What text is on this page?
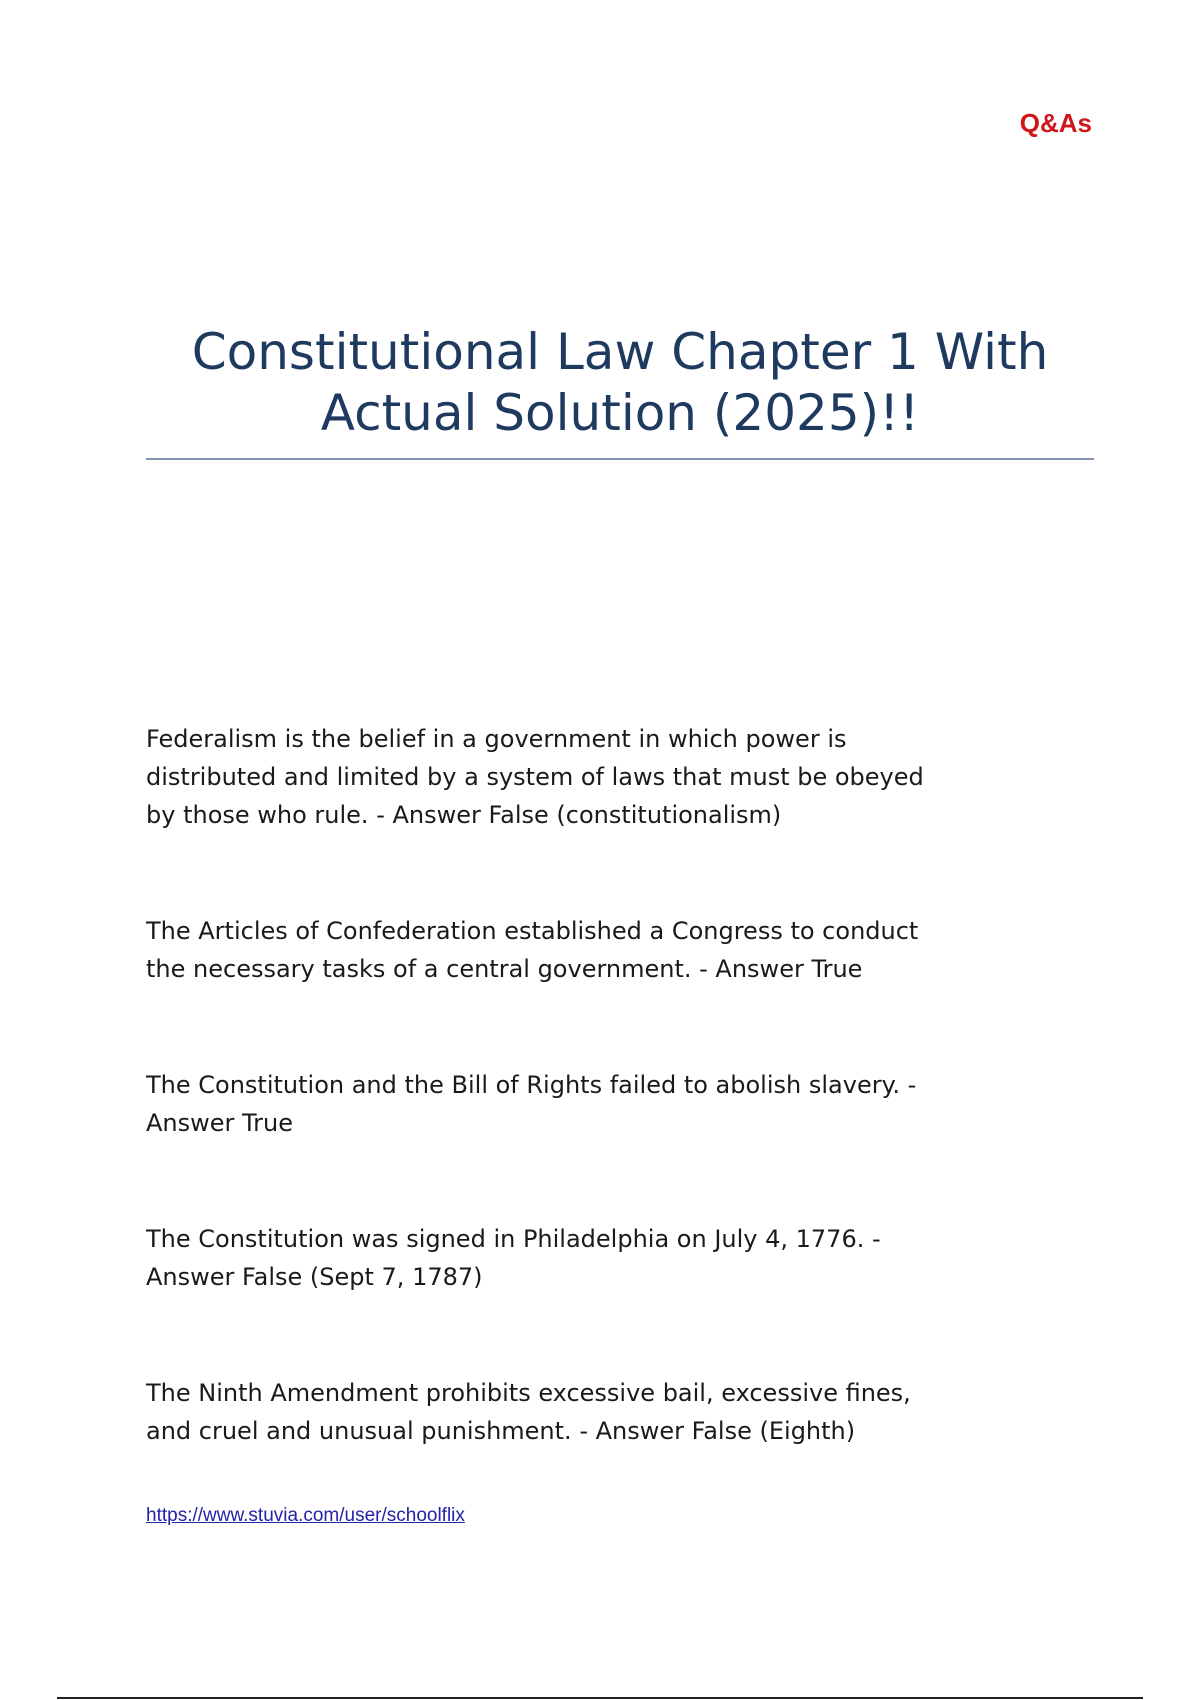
Q&As
Constitutional Law Chapter 1 With
Actual Solution (2025)!!

Federalism is the belief in a government in which power is
distributed and limited by a system of laws that must be obeyed
by those who rule. - Answer False (constitutionalism)

The Articles of Confederation established a Congress to conduct
the necessary tasks of a central government. - Answer True

The Constitution and the Bill of Rights failed to abolish slavery. -
Answer True

The Constitution was signed in Philadelphia on July 4, 1776. -
Answer False (Sept 7, 1787)

The Ninth Amendment prohibits excessive bail, excessive fines,
and cruel and unusual punishment. - Answer False (Eighth)

https://www.stuvia.com/user/schoolflix
